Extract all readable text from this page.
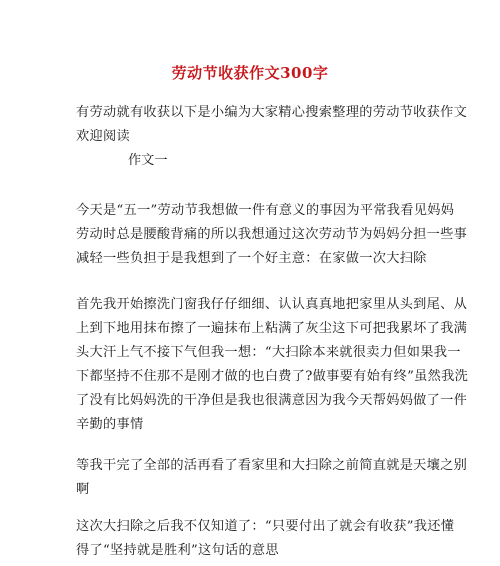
劳动节收获作文300字
有劳动就有收获以下是小编为大家精心搜索整理的劳动节收获作文
欢迎阅读
作文一
今天是“五一”劳动节我想做一件有意义的事因为平常我看见妈妈
劳动时总是腰酸背痛的所以我想通过这次劳动节为妈妈分担一些事
减轻一些负担于是我想到了一个好主意：在家做一次大扫除
首先我开始擦洗门窗我仔仔细细、认认真真地把家里从头到尾、从
上到下地用抹布擦了一遍抹布上粘满了灰尘这下可把我累坏了我满
头大汗上气不接下气但我一想：“大扫除本来就很卖力但如果我一
下都坚持不住那不是刚才做的也白费了?做事要有始有终”虽然我洗
了没有比妈妈洗的干净但是我也很满意因为我今天帮妈妈做了一件
辛勤的事情
等我干完了全部的活再看了看家里和大扫除之前简直就是天壤之别
啊
这次大扫除之后我不仅知道了：“只要付出了就会有收获”我还懂
得了“坚持就是胜利”这句话的意思
